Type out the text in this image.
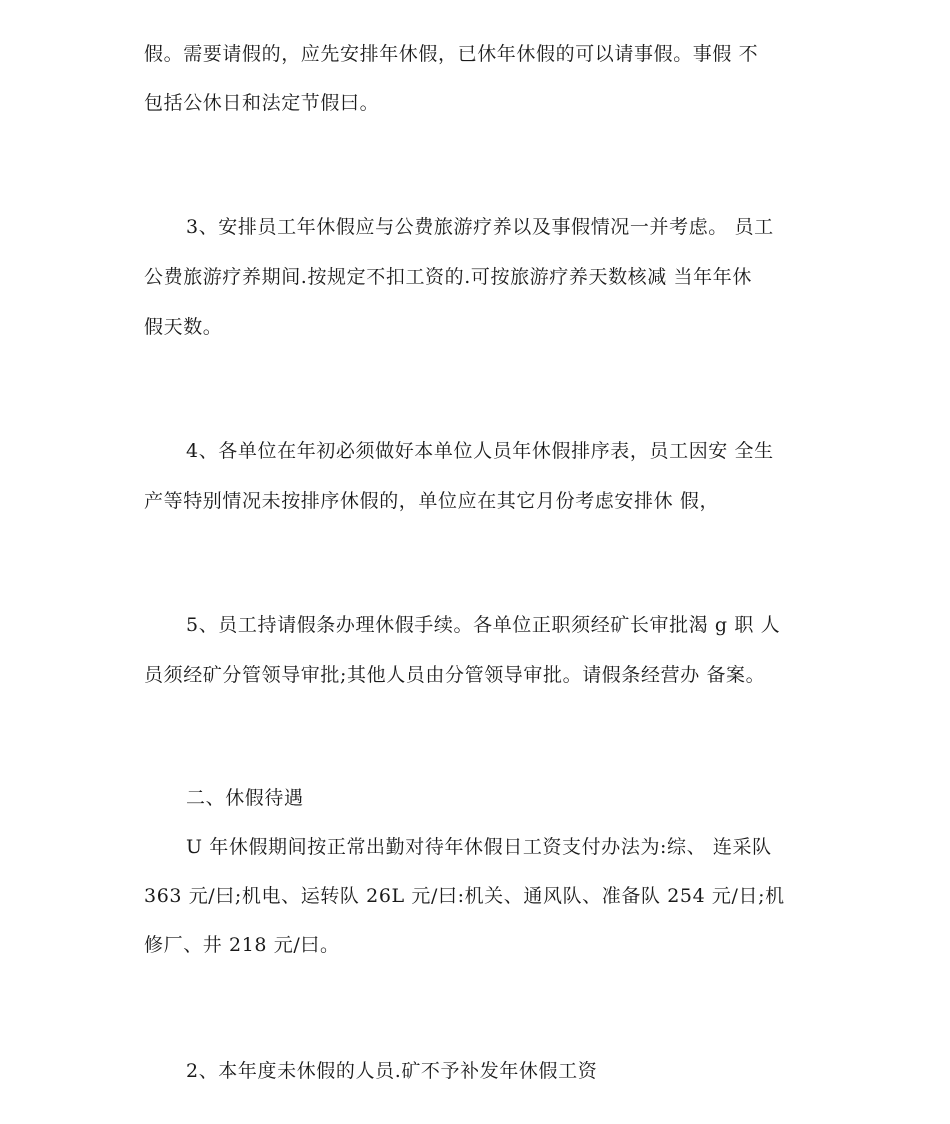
假。需要请假的，应先安排年休假，已休年休假的可以请事假。事假 不
包括公休日和法定节假曰。
3、安排员工年休假应与公费旅游疗养以及事假情况一并考虑。 员工
公费旅游疗养期间.按规定不扣工资的.可按旅游疗养天数核减 当年年休
假天数。
4、各单位在年初必须做好本单位人员年休假排序表，员工因安 全生
产等特别情况未按排序休假的，单位应在其它月份考虑安排休 假，
5、员工持请假条办理休假手续。各单位正职须经矿长审批渴 g 职 人
员须经矿分管领导审批;其他人员由分管领导审批。请假条经营办 备案。
二、休假待遇
U 年休假期间按正常出勤对待年休假日工资支付办法为:综、 连采队
363 元/曰;机电、运转队 26L 元/曰:机关、通风队、准备队 254 元/日;机
修厂、井 218 元/曰。
2、本年度未休假的人员.矿不予补发年休假工资
